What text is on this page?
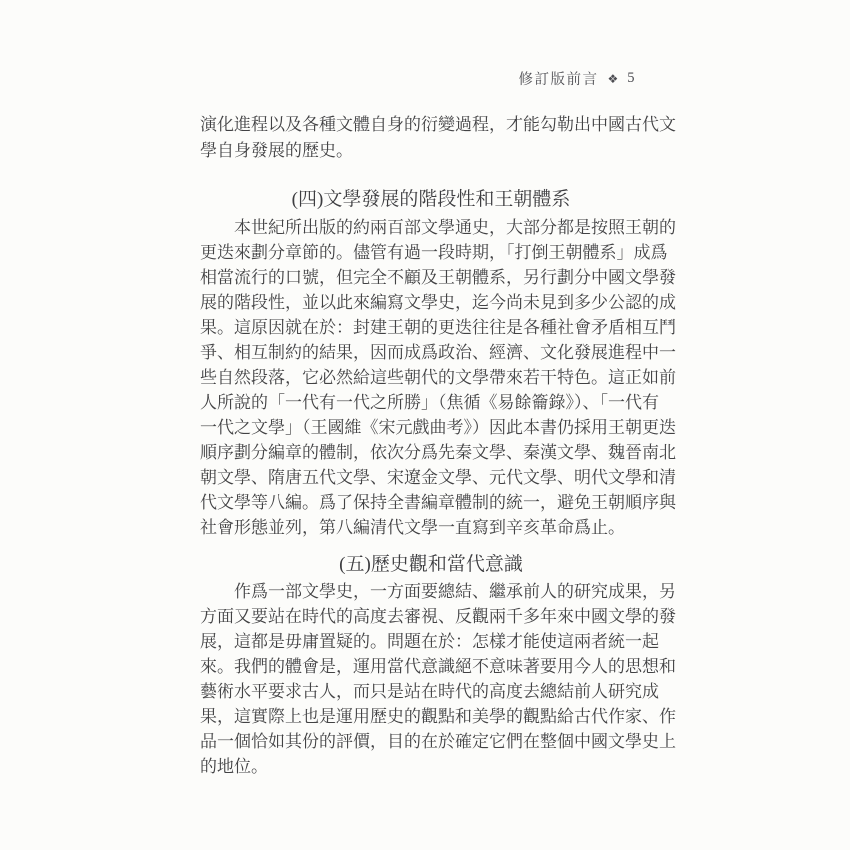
修訂版前言 ❖ 5
演化進程以及各種文體自身的衍變過程，才能勾勒出中國古代文
學自身發展的歷史。
(四)文學發展的階段性和王朝體系
本世紀所出版的約兩百部文學通史，大部分都是按照王朝的
更迭來劃分章節的。儘管有過一段時期，「打倒王朝體系」成爲
相當流行的口號，但完全不顧及王朝體系，另行劃分中國文學發
展的階段性，並以此來編寫文學史，迄今尚未見到多少公認的成
果。這原因就在於：封建王朝的更迭往往是各種社會矛盾相互鬥
爭、相互制約的結果，因而成爲政治、經濟、文化發展進程中一
些自然段落，它必然給這些朝代的文學帶來若干特色。這正如前
人所說的「一代有一代之所勝」（焦循《易餘籥錄》）、「一代有
一代之文學」（王國維《宋元戲曲考》）因此本書仍採用王朝更迭
順序劃分編章的體制，依次分爲先秦文學、秦漢文學、魏晉南北
朝文學、隋唐五代文學、宋遼金文學、元代文學、明代文學和清
代文學等八編。爲了保持全書編章體制的統一，避免王朝順序與
社會形態並列，第八編清代文學一直寫到辛亥革命爲止。
(五)歷史觀和當代意識
作爲一部文學史，一方面要總結、繼承前人的研究成果，另
方面又要站在時代的高度去審視、反觀兩千多年來中國文學的發
展，這都是毋庸置疑的。問題在於：怎樣才能使這兩者統一起
來。我們的體會是，運用當代意識絕不意味著要用今人的思想和
藝術水平要求古人，而只是站在時代的高度去總結前人研究成
果，這實際上也是運用歷史的觀點和美學的觀點給古代作家、作
品一個恰如其份的評價，目的在於確定它們在整個中國文學史上
的地位。
